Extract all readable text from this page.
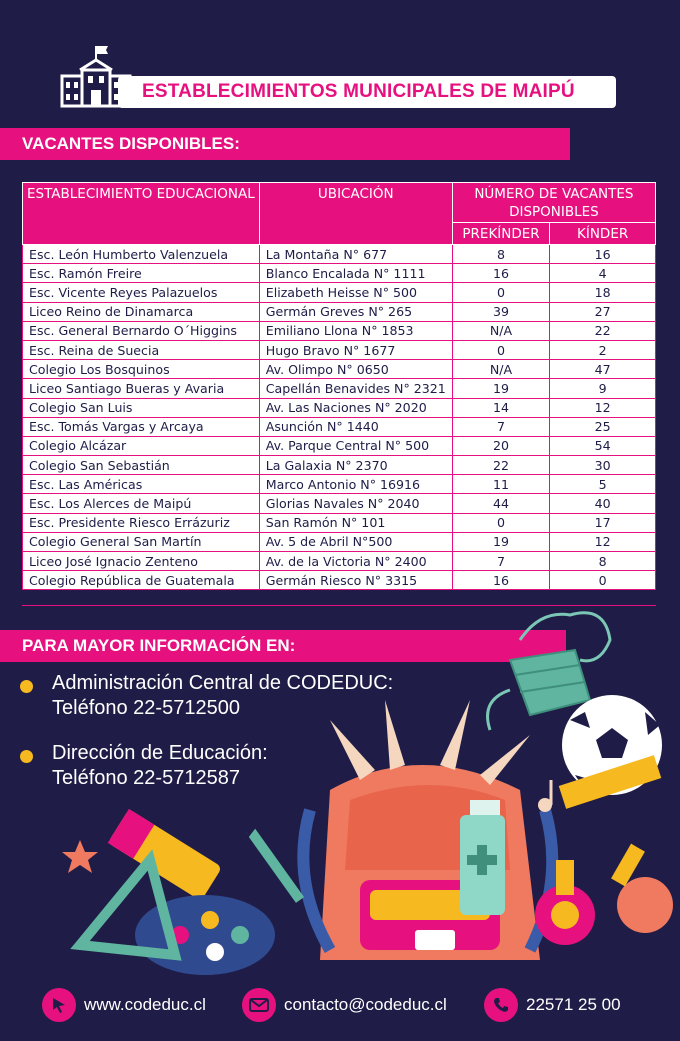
ESTABLECIMIENTOS MUNICIPALES DE MAIPÚ
VACANTES DISPONIBLES:
ESTABLECIMIENTO EDUCACIONAL	UBICACIÓN	NÚMERO DE VACANTES DISPONIBLES	
		PREKÍNDER	KÍNDER
Esc. León Humberto Valenzuela	La Montaña N° 677	8	16
Esc. Ramón Freire	Blanco Encalada N° 1111	16	4
Esc. Vicente Reyes Palazuelos	Elizabeth Heisse N° 500	0	18
Liceo Reino de Dinamarca	Germán Greves N° 265	39	27
Esc. General Bernardo O´Higgins	Emiliano Llona N° 1853	N/A	22
Esc. Reina de Suecia	Hugo Bravo N° 1677	0	2
Colegio Los Bosquinos	Av. Olimpo N° 0650	N/A	47
Liceo Santiago Bueras y Avaria	Capellán Benavides N° 2321	19	9
Colegio San Luis	Av. Las Naciones N° 2020	14	12
Esc. Tomás Vargas y Arcaya	Asunción N° 1440	7	25
Colegio Alcázar	Av. Parque Central N° 500	20	54
Colegio San Sebastián	La Galaxia N° 2370	22	30
Esc. Las Américas	Marco Antonio N° 16916	11	5
Esc. Los Alerces de Maipú	Glorias Navales N° 2040	44	40
Esc. Presidente Riesco Errázuriz	San Ramón N° 101	0	17
Colegio General San Martín	Av. 5 de Abril N°500	19	12
Liceo José Ignacio Zenteno	Av. de la Victoria N° 2400	7	8
Colegio República de Guatemala	Germán Riesco N° 3315	16	0
PARA MAYOR INFORMACIÓN EN:
Administración Central de CODEDUC:
Teléfono 22-5712500
Dirección de Educación:
Teléfono 22-5712587
www.codeduc.cl	contacto@codeduc.cl	22571 25 00
